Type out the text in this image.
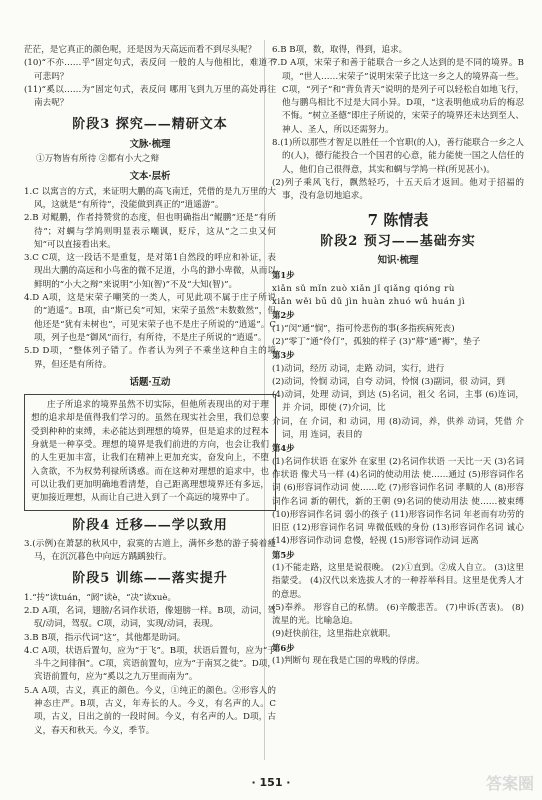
茫茫，是它真正的颜色呢，还是因为天高远而看不到尽头呢？

(10)“不亦……乎”固定句式，表反问 一般的人与他相比，难道不可悲吗？

(11)“奚以……为”固定句式，表反问 哪用飞到九万里的高处再往南去呢？

阶段3 探究——精研文本
文脉·梳理

①万物皆有所待 ②都有小大之辩

文本·层析

1.C 以寓言的方式，来证明大鹏的高飞南迁，凭借的是九万里的大风，这就是“有所待”，没能做到真正的“逍遥游”。

2.B 对鲲鹏，作者持赞赏的态度，但也明确指出“鲲鹏”还是“有所待”；对蜩与学鸠则明显表示嘲讽，贬斥，这从“之二虫又何知”可以直接看出来。

3.C C项，这一段话不是重复，是对第1自然段的呼应和补证，表现出大鹏的高远和小鸟雀的微不足道，小鸟的渺小卑微，从而以鲜明的“小大之辩”来说明“小知(智)”不及“大知(智)”。

4.D A项，这是宋荣子嘲笑的一类人，可见此项不属于庄子所说的“逍遥”。B项，由“斯已矣”可知，宋荣子虽然“未数数然”，但他还是“犹有未树也”，可见宋荣子也不是庄子所说的“逍遥”。C项，列子也是“御风”而行，有所待，不是庄子所说的“逍遥”。

5.D D项，“整体列子错了。作者认为列子不乘坐这种自主的境界，但还是有所待。

话题·互动

庄子所追求的境界虽然不切实际，但他所表现出的对于理想的追求却是值得我们学习的。虽然在现实社会里，我们总要受到种种的束缚，未必能达到理想的境界，但是追求的过程本身就是一种享受。理想的境界是我们前进的方向，也会让我们的人生更加丰富，让我们在精神上更加充实，奋发向上，不堕入贪欲，不为权势利禄所诱惑。而在这种对理想的追求中，也可以让我们更加明确地看清楚，自己距离理想境界还有多远，更加接近理想，从而让自己进入到了一个高远的境界中了。

阶段4 迁移——学以致用

3.(示例)在萧瑟的秋风中，寂寞的古道上，满怀乡愁的游子骑着瘦马，在沉沉暮色中向远方踽踽独行。

阶段5 训练——落实提升

1.“抟”读tuán，“阏”读è，“决”读xuè。

2.D A项，名词，翅膀/名词作状语，像翅膀一样。B项，动词，驾驭/动词，驾驭。C项，动词，实现/动词，表现。

3.B B项，指示代词“这”，其他都是助词。

4.C A项，状语后置句，应为“于飞”。B项，状语后置句，应为“于斗牛之间徘徊”。C项，宾语前置句，应为“于南冥之徙”。D项，宾语前置句，应为“奚以之九万里而南为”。

5.A A项，古义，真正的颜色。今义，①纯正的颜色。②形容人的神态庄严。B项，古义，年寿长的人。今义，有名声的人。C项，古义，日出之前的一段时间。今义，有名声的人。D项，古义，春天和秋天。今义，季节。

6.B B项，数，取得，得到，追求。

7.D A项，宋荣子和善于能联合一乡之人达到的是不同的境界。B项，“世人……宋荣子”说明宋荣子比这一乡之人的境界高一些。C项，“列子”和“背负青天”说明的是列子可以轻松自如地飞行，他与鹏鸟相比不过是大同小异。D项，“这表明他成功后的梅忍不悔。“树立圣德”即庄子所说的，宋荣子的境界还未达到至人、神人、圣人，所以还需努力。

8.(1)所以那些才智足以胜任一个官职(的人)，善行能联合一乡之人的(人)，德行能投合一个国君的心意，能力能使一国之人信任的人，他们自己很得意，其实和蜩与学鸠一样(所见甚小)。

(2)列子乘风飞行，飘然轻巧，十五天后才返回。他对于招福的事，没有急切地追求。

7 陈情表
阶段2 预习——基础夯实
知识·梳理
第1步

xiǎn sǔ mǐn zuò xiǎn jǐ qiǎng qióng rù

xiǎn wěi bū dǔ jìn huàn zhuó wǔ huán jì

第2步

(1)“闵”通“悯”，指可怜悲伤的事(多指疾病死丧)

(2)“零丁”通“伶仃”，孤独的样子 (3)“蓐”通“褥”，垫子

第3步

(1)动词，经历 动词，走路 动词，实行，进行

(2)动词，怜悯 动词，自夸 动词，怜悯 (3)副词，很 动词，到

(4)动词，处理 动词，到达 (5)名词，祖父 名词，主事 (6)连词，并 介词，即使 (7)介词，比

介词，在 介词，和 动词，用 (8)动词，养，供养 动词，凭借 介词，用 连词，表目的

第4步

(1)名词作状语 在家外 在家里 (2)名词作状语 一天比一天 (3)名词作状语 像犬马一样 (4)名词的使动用法 使……通过 (5)形容词作名词 (6)形容词作动词 使……吃 (7)形容词作名词 孝顺的人 (8)形容词作名词 新的朝代，新的王朝 (9)名词的使动用法 使……被束缚 (10)形容词作名词 弱小的孩子 (11)形容词作名词 年老而有功劳的旧臣 (12)形容词作名词 卑微低贱的身份 (13)形容词作名词 诚心 (14)形容词作动词 怠慢，轻视 (15)形容词作动词 远离

第5步

(1)不能走路，这里是说很晚。 (2)①直到。②成人自立。 (3)这里指蒙受。 (4)汉代以来选拔人才的一种荐举科目。这里是优秀人才的意思。

(5)奉养。 形容自己的私情。 (6)辛酸悲苦。 (7)申诉(苦衷)。 (8)流星的光。比喻急迫。

(9)赶快前往，这里指赴京就职。

第6步

(1)判断句 现在我是亡国的卑贱的俘虏。

· 151 ·	答案圈
